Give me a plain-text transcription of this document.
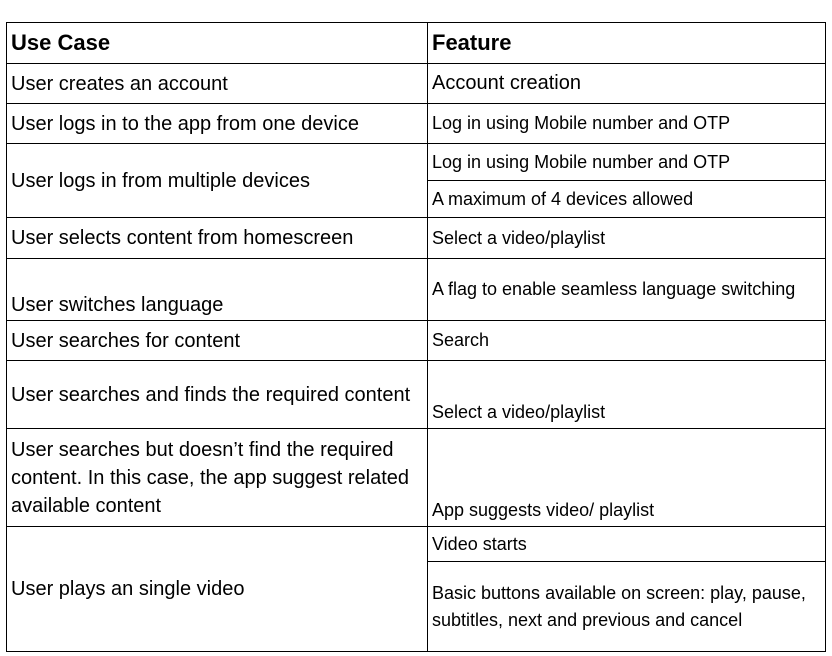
Use Case	Feature
User creates an account	Account creation
User logs in to the app from one device	Log in using Mobile number and OTP
User logs in from multiple devices	Log in using Mobile number and OTP
	A maximum of 4 devices allowed
User selects content from homescreen	Select a video/playlist
User switches language	A flag to enable seamless language switching
User searches for content	Search
User searches and finds the required content	Select a video/playlist
User searches but doesn’t find the required content. In this case, the app suggest related available content	App suggests video/ playlist
User plays an single video	Video starts
	Basic buttons available on screen: play, pause, subtitles, next and previous and cancel
